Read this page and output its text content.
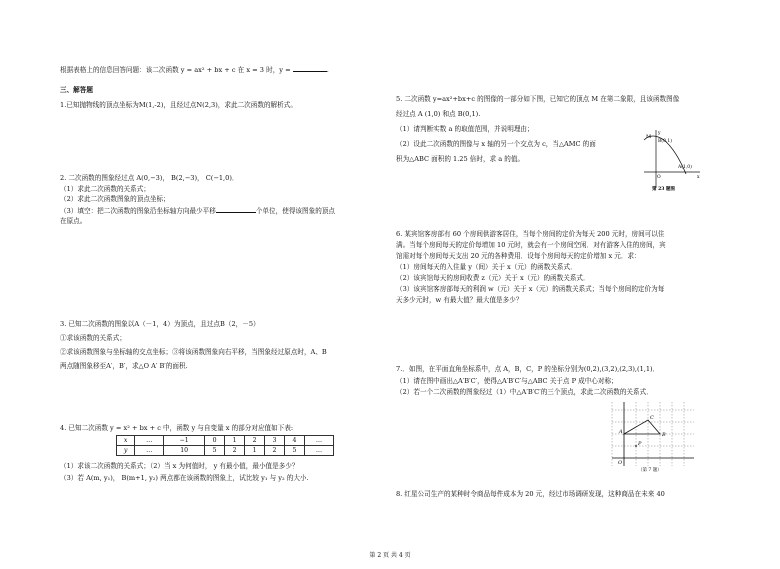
根据表格上的信息回答问题：该二次函数 y = ax² + bx + c 在 x = 3 时，y =	.
三、解答题
1.已知抛物线的顶点坐标为M(1,-2)，且经过点N(2,3)，求此二次函数的解析式。
2. 二次函数的图象经过点 A(0,−3)， B(2,−3)， C(−1,0)．
（1）求此二次函数的关系式；
（2）求此二次函数图象的顶点坐标；
（3）填空：把二次函数的图象沿坐标轴方向最少平移	个单位，使得该图象的顶点
在原点。
3. 已知二次函数的图象以A（－1，4）为顶点，且过点B（2，－5）
①求该函数的关系式；
②求该函数图象与坐标轴的交点坐标；③将该函数图象向右平移，当图象经过原点时，A、B
两点随图象移至A′，B′，求△O A′ B′的面积.
4. 已知二次函数 y = x² + bx + c 中，函数 y 与自变量 x 的部分对应值如下表:
x	…	−1	0	1	2	3	4	…
y	…	10	5	2	1	2	5	…
（1）求该二次函数的关系式；（2）当 x 为何值时， y 有最小值，最小值是多少？
（3）若 A(m, y₁)， B(m+1, y₂) 两点都在该函数的图象上，试比较 y₁ 与 y₂ 的大小.
5. 二次函数 y=ax²+bx+c 的图像的一部分如下图，已知它的顶点 M 在第二象限，且该函数图像
经过点 A (1,0) 和点 B(0,1).
（1）请判断实数 a 的取值范围，并说明理由；
（2）设此二次函数的图像与 x 轴的另一个交点为 c，当△AMC 的面
积为△ABC 面积的 1.25 倍时，求 a 的值。
M
B(0,1)
A(1,0)
O	x
y
第 23 题图
6. 某宾馆客房部有 60 个房间供游客居住，当每个房间的定价为每天 200 元时，房间可以住
满。当每个房间每天的定价每增加 10 元时，就会有一个房间空闲．对有游客入住的房间，宾
馆需对每个房间每天支出 20 元的各种费用．设每个房间每天的定价增加 x 元．求：
（1）房间每天的入住量 y（间）关于 x（元）的函数关系式．
（2）该宾馆每天的房间收费 z（元）关于 x（元）的函数关系式．
（3）该宾馆客房部每天的利润 w（元）关于 x（元）的函数关系式；当每个房间的定价为每
天多少元时，w 有最大值？最大值是多少？
7.．如图，在平面直角坐标系中，点 A，B，C，P 的坐标分别为(0,2),(3,2),(2,3),(1,1)．
（1）请在图中画出△A′B′C′，使得△A′B′C′与△ABC 关于点 P 成中心对称；
（2）若一个二次函数的图象经过（1）中△A′B′C′的三个顶点，求此二次函数的关系式．
A	B
C
P
O
（第 7 题）
8. 红星公司生产的某种时令商品每件成本为 20 元，经过市场调研发现，这种商品在未来 40
第 2 页 共 4 页
